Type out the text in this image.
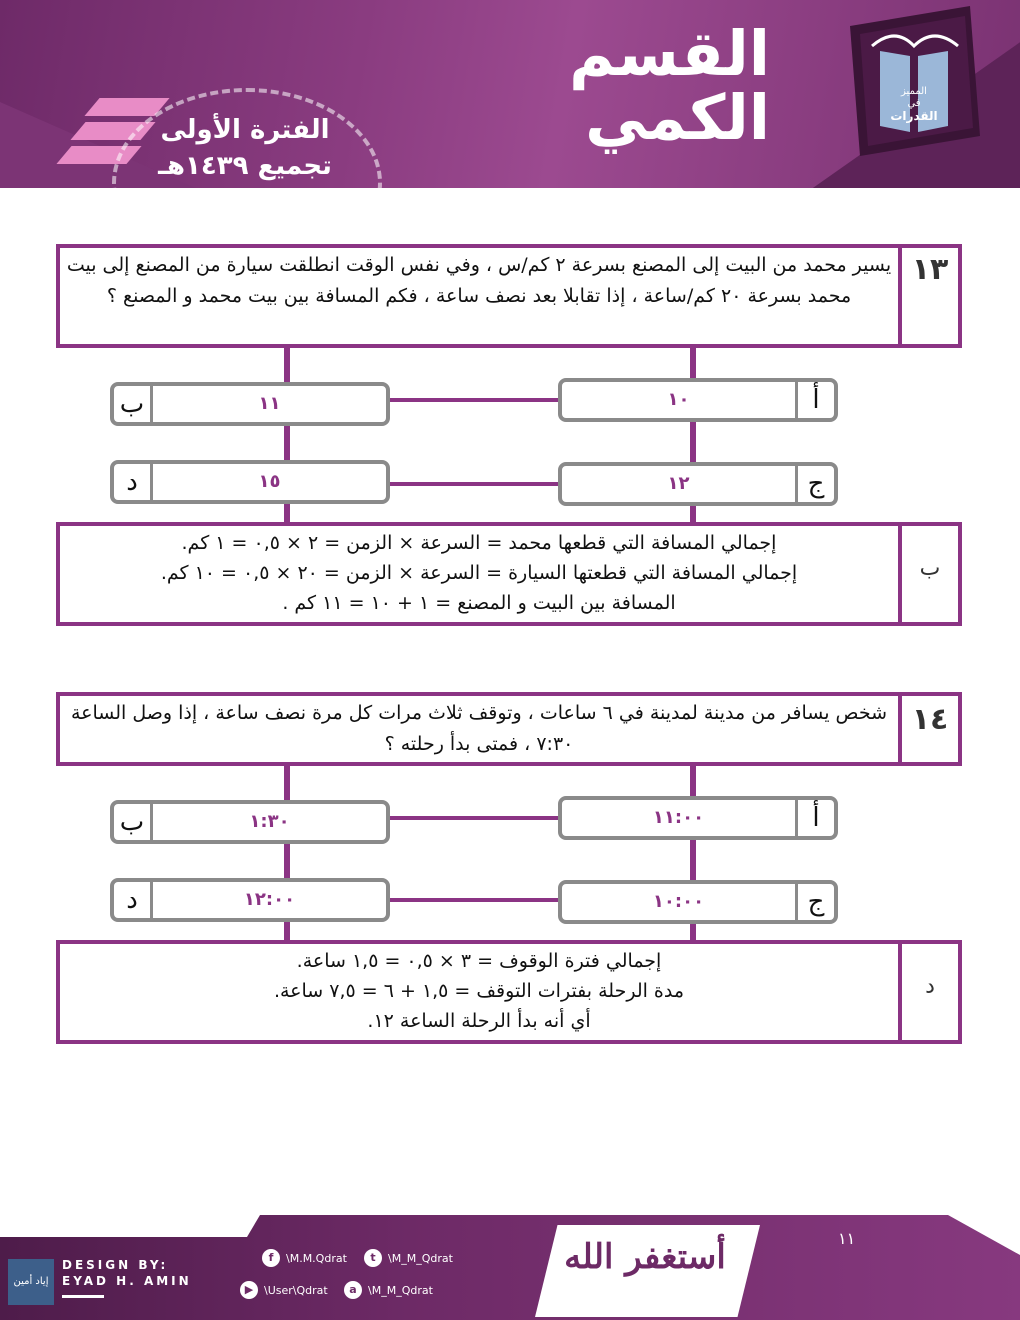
الفترة الأولى
تجميع ١٤٣٩هـ
القسم
الكمي	المميز
في
القدرات
١٣
يسير محمد من البيت إلى المصنع بسرعة ٢ كم/س ، وفي نفس الوقت انطلقت سيارة من المصنع إلى بيت محمد بسرعة ٢٠ كم/ساعة ، إذا تقابلا بعد نصف ساعة ، فكم المسافة بين بيت محمد و المصنع ؟
أ
١٠
ب	١١
ج
١٢
د	١٥
ب
إجمالي المسافة التي قطعها محمد = السرعة × الزمن = ٢ × ٠,٥ = ١ كم.
إجمالي المسافة التي قطعتها السيارة = السرعة × الزمن = ٢٠ × ٠,٥ = ١٠ كم.
المسافة بين البيت و المصنع = ١ + ١٠ = ١١ كم .
١٤
شخص يسافر من مدينة لمدينة في ٦ ساعات ، وتوقف ثلاث مرات كل مرة نصف ساعة ، إذا وصل الساعة ٧:٣٠ ، فمتى بدأ رحلته ؟
أ
١١:٠٠
ب	١:٣٠
ج
١٠:٠٠
د	١٢:٠٠
د
إجمالي فترة الوقوف = ٣ × ٠,٥ = ١,٥ ساعة.
مدة الرحلة بفترات التوقف = ١,٥ + ٦ = ٧,٥ ساعة.
أي أنه بدأ الرحلة الساعة ١٢.
أستغفر الله
إياد أمين
DESIGN BY:
EYAD H. AMIN
f	\M.M.Qdrat	t	\M_M_Qdrat
▶ \User\Qdrat	a	\M_M_Qdrat
١١
